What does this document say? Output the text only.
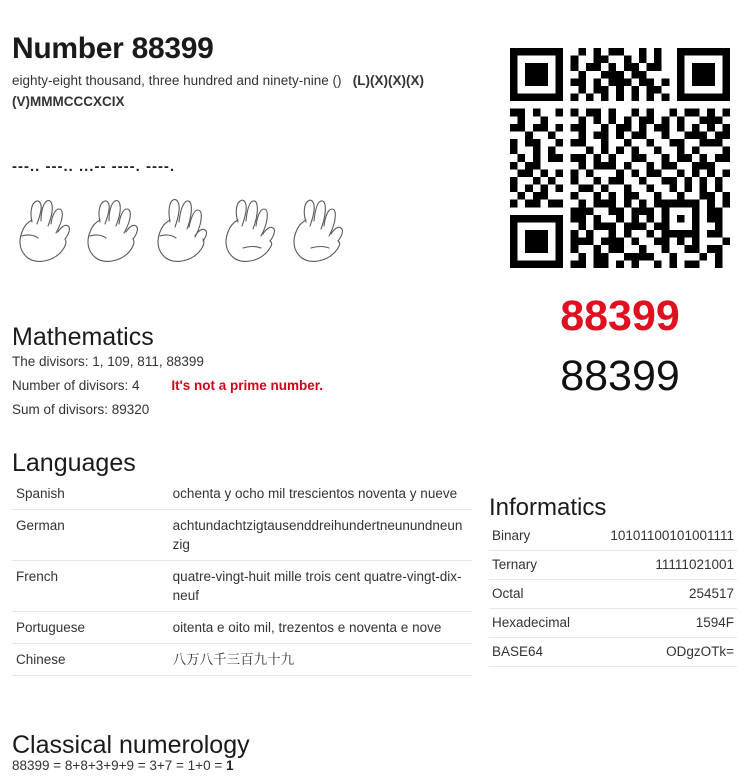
Number 88399
eighty-eight thousand, three hundred and ninety-nine () (L)(X)(X)(X)(V)MMMCCCXCIX
---.. ---.. ...-- ----. ----.
88399
88399
Mathematics
The divisors: 1, 109, 811, 88399
Number of divisors: 4 It's not a prime number.
Sum of divisors: 89320
Languages
Spanish	ochenta y ocho mil trescientos noventa y nueve
German	achtundachtzigtausenddreihundertneunundneunzig
French	quatre-vingt-huit mille trois cent quatre-vingt-dix-neuf
Portuguese	oitenta e oito mil, trezentos e noventa e nove
Chinese	八万八千三百九十九
Informatics
Binary	10101100101001111
Ternary	11111021001
Octal	254517
Hexadecimal	1594F
BASE64	ODgzOTk=
Classical numerology
88399 = 8+8+3+9+9 = 3+7 = 1+0 = 1
